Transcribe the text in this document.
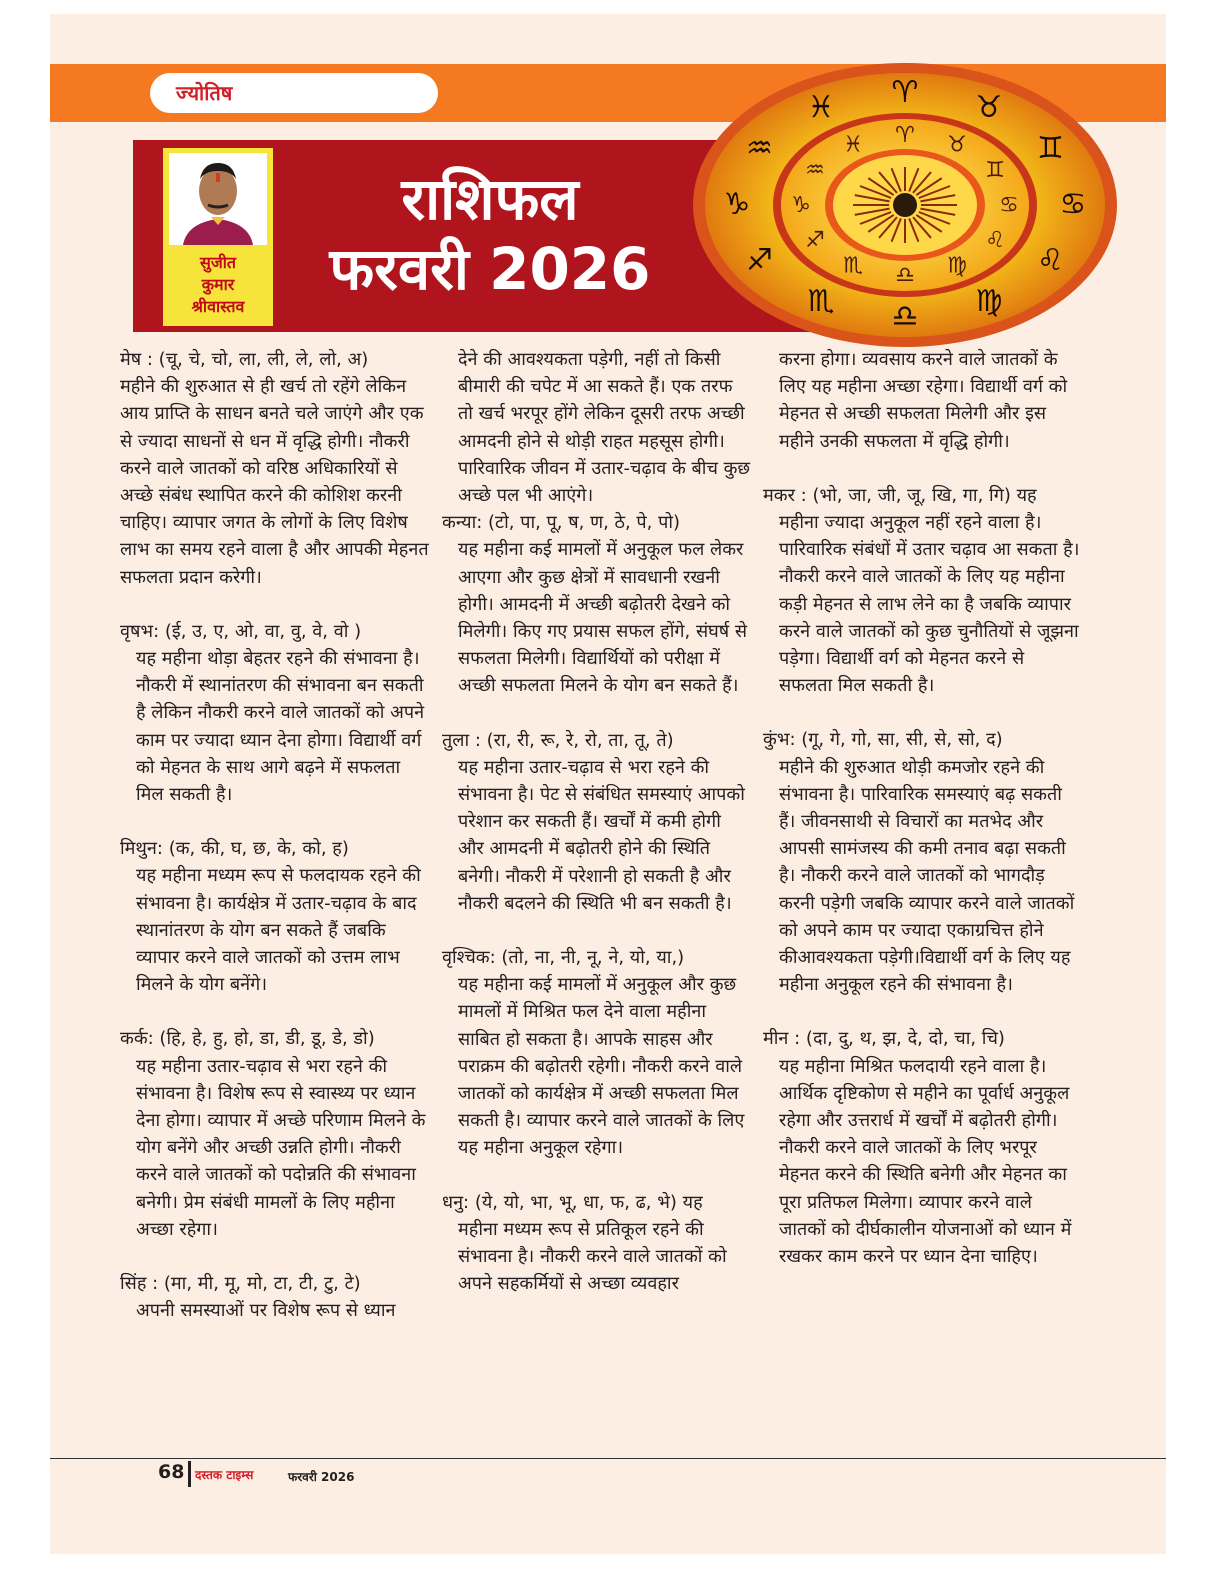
ज्योतिष
सुजीत
कुमार
श्रीवास्तव
राशिफल
फरवरी 2026
♈
♈
♉
♉
♊
♊
♋ ♋
♌
♌
♍
♍
♎
♎
♏
♏
♐
♐
♑
♑
♒
♒	♓
♓
मेष : (चू, चे, चो, ला, ली, ले, लो, अ)
महीने की शुरुआत से ही खर्च तो रहेंगे लेकिन आय प्राप्ति के साधन बनते चले जाएंगे और एक से ज्यादा साधनों से धन में वृद्धि होगी। नौकरी करने वाले जातकों को वरिष्ठ अधिकारियों से अच्छे संबंध स्थापित करने की कोशिश करनी चाहिए। व्यापार जगत के लोगों के लिए विशेष लाभ का समय रहने वाला है और आपकी मेहनत सफलता प्रदान करेगी।
वृषभ: (ई, उ, ए, ओ, वा, वु, वे, वो )
यह महीना थोड़ा बेहतर रहने की संभावना है। नौकरी में स्थानांतरण की संभावना बन सकती है लेकिन नौकरी करने वाले जातकों को अपने काम पर ज्यादा ध्यान देना होगा। विद्यार्थी वर्ग को मेहनत के साथ आगे बढ़ने में सफलता मिल सकती है।
मिथुन: (क, की, घ, छ, के, को, ह)
यह महीना मध्यम रूप से फलदायक रहने की संभावना है। कार्यक्षेत्र में उतार-चढ़ाव के बाद स्थानांतरण के योग बन सकते हैं जबकि व्यापार करने वाले जातकों को उत्तम लाभ मिलने के योग बनेंगे।
कर्क: (हि, हे, हु, हो, डा, डी, डू, डे, डो)
यह महीना उतार-चढ़ाव से भरा रहने की संभावना है। विशेष रूप से स्वास्थ्य पर ध्यान देना होगा। व्यापार में अच्छे परिणाम मिलने के योग बनेंगे और अच्छी उन्नति होगी। नौकरी करने वाले जातकों को पदोन्नति की संभावना बनेगी। प्रेम संबंधी मामलों के लिए महीना अच्छा रहेगा।
सिंह : (मा, मी, मू, मो, टा, टी, टु, टे)
अपनी समस्याओं पर विशेष रूप से ध्यान
देने की आवश्यकता पड़ेगी, नहीं तो किसी बीमारी की चपेट में आ सकते हैं। एक तरफ तो खर्च भरपूर होंगे लेकिन दूसरी तरफ अच्छी आमदनी होने से थोड़ी राहत महसूस होगी। पारिवारिक जीवन में उतार-चढ़ाव के बीच कुछ अच्छे पल भी आएंगे।
कन्या: (टो, पा, पू, ष, ण, ठे, पे, पो)
यह महीना कई मामलों में अनुकूल फल लेकर आएगा और कुछ क्षेत्रों में सावधानी रखनी होगी। आमदनी में अच्छी बढ़ोतरी देखने को मिलेगी। किए गए प्रयास सफल होंगे, संघर्ष से सफलता मिलेगी। विद्यार्थियों को परीक्षा में अच्छी सफलता मिलने के योग बन सकते हैं।
तुला : (रा, री, रू, रे, रो, ता, तू, ते)
यह महीना उतार-चढ़ाव से भरा रहने की संभावना है। पेट से संबंधित समस्याएं आपको परेशान कर सकती हैं। खर्चों में कमी होगी और आमदनी में बढ़ोतरी होने की स्थिति बनेगी। नौकरी में परेशानी हो सकती है और नौकरी बदलने की स्थिति भी बन सकती है।
वृश्चिक: (तो, ना, नी, नू, ने, यो, या,)
यह महीना कई मामलों में अनुकूल और कुछ मामलों में मिश्रित फल देने वाला महीना साबित हो सकता है। आपके साहस और पराक्रम की बढ़ोतरी रहेगी। नौकरी करने वाले जातकों को कार्यक्षेत्र में अच्छी सफलता मिल सकती है। व्यापार करने वाले जातकों के लिए यह महीना अनुकूल रहेगा।
धनु: (ये, यो, भा, भू, धा, फ, ढ, भे) यह
महीना मध्यम रूप से प्रतिकूल रहने की संभावना है। नौकरी करने वाले जातकों को अपने सहकर्मियों से अच्छा व्यवहार
करना होगा। व्यवसाय करने वाले जातकों के लिए यह महीना अच्छा रहेगा। विद्यार्थी वर्ग को मेहनत से अच्छी सफलता मिलेगी और इस महीने उनकी सफलता में वृद्धि होगी।
मकर : (भो, जा, जी, जू, खि, गा, गि) यह
महीना ज्यादा अनुकूल नहीं रहने वाला है। पारिवारिक संबंधों में उतार चढ़ाव आ सकता है। नौकरी करने वाले जातकों के लिए यह महीना कड़ी मेहनत से लाभ लेने का है जबकि व्यापार करने वाले जातकों को कुछ चुनौतियों से जूझना पड़ेगा। विद्यार्थी वर्ग को मेहनत करने से सफलता मिल सकती है।
कुंभ: (गू, गे, गो, सा, सी, से, सो, द)
महीने की शुरुआत थोड़ी कमजोर रहने की संभावना है। पारिवारिक समस्याएं बढ़ सकती हैं। जीवनसाथी से विचारों का मतभेद और आपसी सामंजस्य की कमी तनाव बढ़ा सकती है। नौकरी करने वाले जातकों को भागदौड़ करनी पड़ेगी जबकि व्यापार करने वाले जातकों को अपने काम पर ज्यादा एकाग्रचित्त होने कीआवश्यकता पड़ेगी।विद्यार्थी वर्ग के लिए यह महीना अनुकूल रहने की संभावना है।
मीन : (दा, दु, थ, झ, दे, दो, चा, चि)
यह महीना मिश्रित फलदायी रहने वाला है। आर्थिक दृष्टिकोण से महीने का पूर्वार्ध अनुकूल रहेगा और उत्तरार्ध में खर्चों में बढ़ोतरी होगी। नौकरी करने वाले जातकों के लिए भरपूर मेहनत करने की स्थिति बनेगी और मेहनत का पूरा प्रतिफल मिलेगा। व्यापार करने वाले जातकों को दीर्घकालीन योजनाओं को ध्यान में रखकर काम करने पर ध्यान देना चाहिए।
68 दस्तक टाइम्स	फरवरी 2026
